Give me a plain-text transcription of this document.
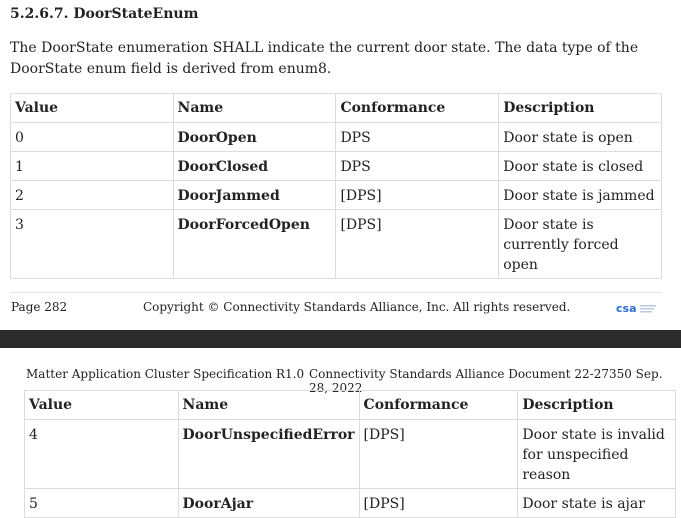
5.2.6.7. DoorStateEnum
The DoorState enumeration SHALL indicate the current door state. The data type of the DoorState enum field is derived from enum8.
Value	Name	Conformance	Description
0	DoorOpen	DPS	Door state is open
1	DoorClosed	DPS	Door state is closed
2	DoorJammed	[DPS]	Door state is jammed
3	DoorForcedOpen	[DPS]	Door state is currently forced open
Page 282	Copyright © Connectivity Standards Alliance, Inc. All rights reserved.	csa
Matter Application Cluster Specification R1.0 Connectivity Standards Alliance Document 22-27350 Sep. 28, 2022
Value	Name	Conformance	Description
4	DoorUnspecifiedError	[DPS]	Door state is invalid for unspecified reason
5	DoorAjar	[DPS]	Door state is ajar
